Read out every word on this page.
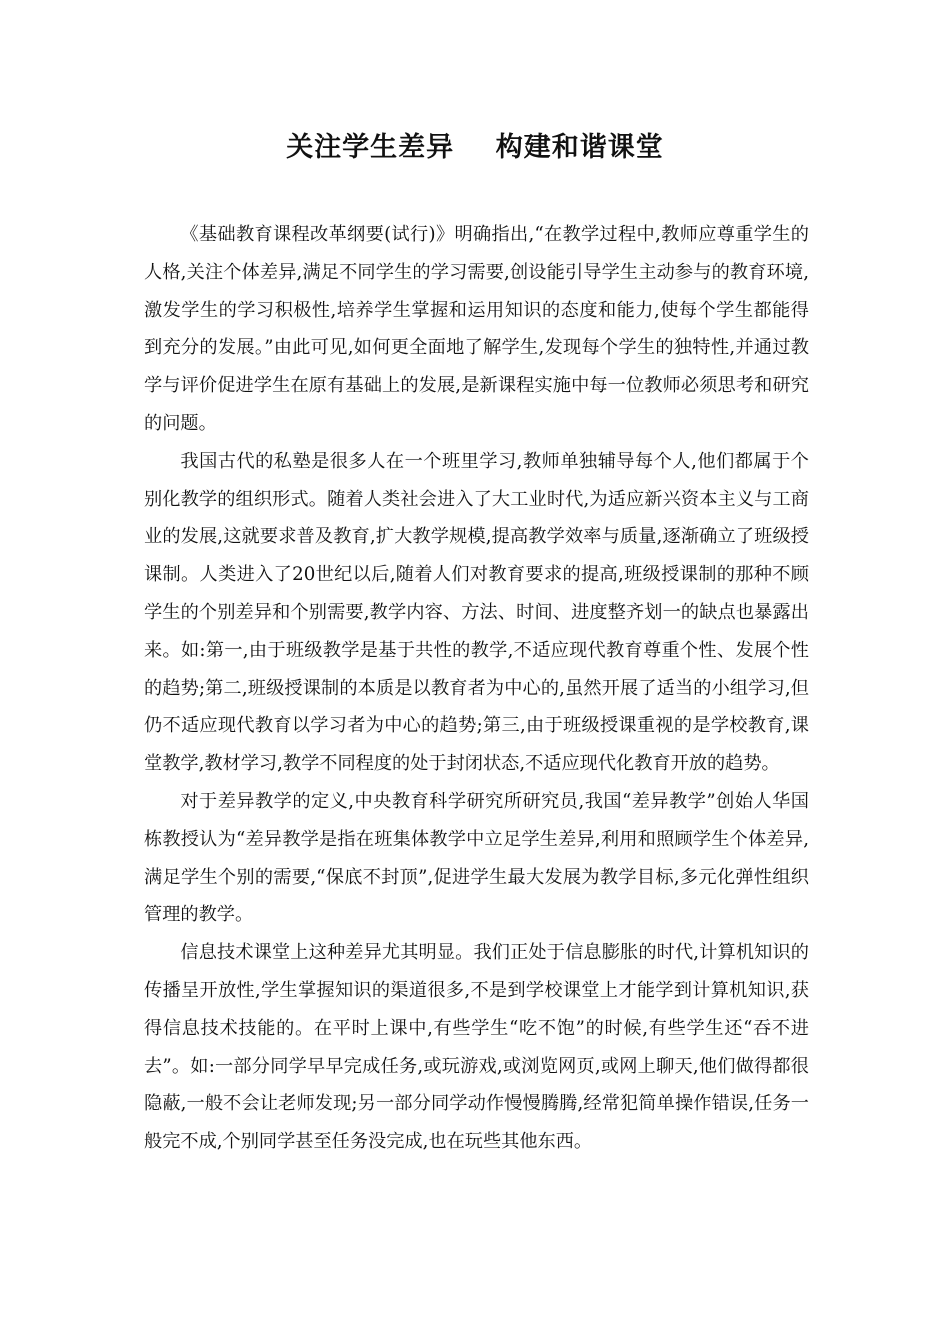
关注学生差异    构建和谐课堂

《基础教育课程改革纲要(试行)》明确指出,“在教学过程中,教师应尊重学生的人格,关注个体差异,满足不同学生的学习需要,创设能引导学生主动参与的教育环境,激发学生的学习积极性,培养学生掌握和运用知识的态度和能力,使每个学生都能得到充分的发展。”由此可见,如何更全面地了解学生,发现每个学生的独特性,并通过教学与评价促进学生在原有基础上的发展,是新课程实施中每一位教师必须思考和研究的问题。

我国古代的私塾是很多人在一个班里学习,教师单独辅导每个人,他们都属于个别化教学的组织形式。随着人类社会进入了大工业时代,为适应新兴资本主义与工商业的发展,这就要求普及教育,扩大教学规模,提高教学效率与质量,逐渐确立了班级授课制。人类进入了20世纪以后,随着人们对教育要求的提高,班级授课制的那种不顾学生的个别差异和个别需要,教学内容、方法、时间、进度整齐划一的缺点也暴露出来。如:第一,由于班级教学是基于共性的教学,不适应现代教育尊重个性、发展个性的趋势;第二,班级授课制的本质是以教育者为中心的,虽然开展了适当的小组学习,但仍不适应现代教育以学习者为中心的趋势;第三,由于班级授课重视的是学校教育,课堂教学,教材学习,教学不同程度的处于封闭状态,不适应现代化教育开放的趋势。

对于差异教学的定义,中央教育科学研究所研究员,我国“差异教学”创始人华国栋教授认为“差异教学是指在班集体教学中立足学生差异,利用和照顾学生个体差异,满足学生个别的需要,“保底不封顶”,促进学生最大发展为教学目标,多元化弹性组织管理的教学。

信息技术课堂上这种差异尤其明显。我们正处于信息膨胀的时代,计算机知识的传播呈开放性,学生掌握知识的渠道很多,不是到学校课堂上才能学到计算机知识,获得信息技术技能的。在平时上课中,有些学生“吃不饱”的时候,有些学生还“吞不进去”。如:一部分同学早早完成任务,或玩游戏,或浏览网页,或网上聊天,他们做得都很隐蔽,一般不会让老师发现;另一部分同学动作慢慢腾腾,经常犯简单操作错误,任务一般完不成,个别同学甚至任务没完成,也在玩些其他东西。
